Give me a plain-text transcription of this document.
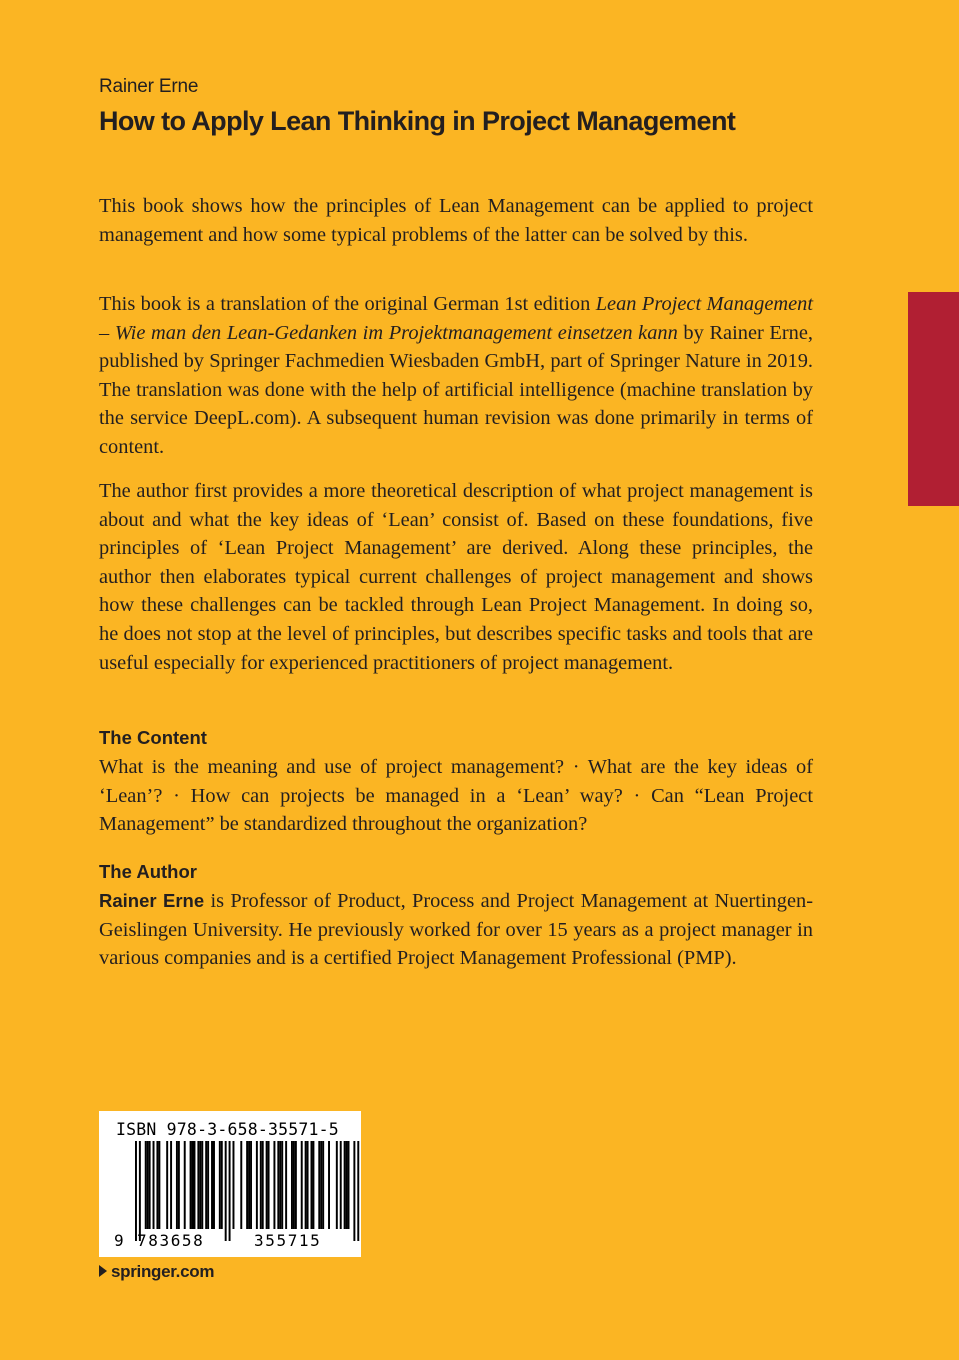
Rainer Erne
How to Apply Lean Thinking in Project Management

This book shows how the principles of Lean Management can be applied to project management and how some typical problems of the latter can be solved by this.

This book is a translation of the original German 1st edition Lean Project Management – Wie man den Lean-Gedanken im Projektmanagement einsetzen kann by Rainer Erne, published by Springer Fachmedien Wiesbaden GmbH, part of Springer Nature in 2019. The translation was done with the help of artificial intelligence (machine translation by the service DeepL.com). A subsequent human revision was done primarily in terms of content.

The author first provides a more theoretical description of what project management is about and what the key ideas of ‘Lean’ consist of. Based on these foundations, five principles of ‘Lean Project Management’ are derived. Along these principles, the author then elaborates typical current challenges of project management and shows how these challenges can be tackled through Lean Project Management. In doing so, he does not stop at the level of principles, but describes specific tasks and tools that are useful especially for experienced practitioners of project management.

The Content

What is the meaning and use of project management? · What are the key ideas of ‘Lean’? · How can projects be managed in a ‘Lean’ way? · Can “Lean Project Management” be standardized throughout the organization?

The Author

Rainer Erne is Professor of Product, Process and Project Management at Nuertingen-Geislingen University. He previously worked for over 15 years as a project manager in various companies and is a certified Project Management Professional (PMP).

ISBN 978-3-658-35571-5
9 783658	355715
springer.com
